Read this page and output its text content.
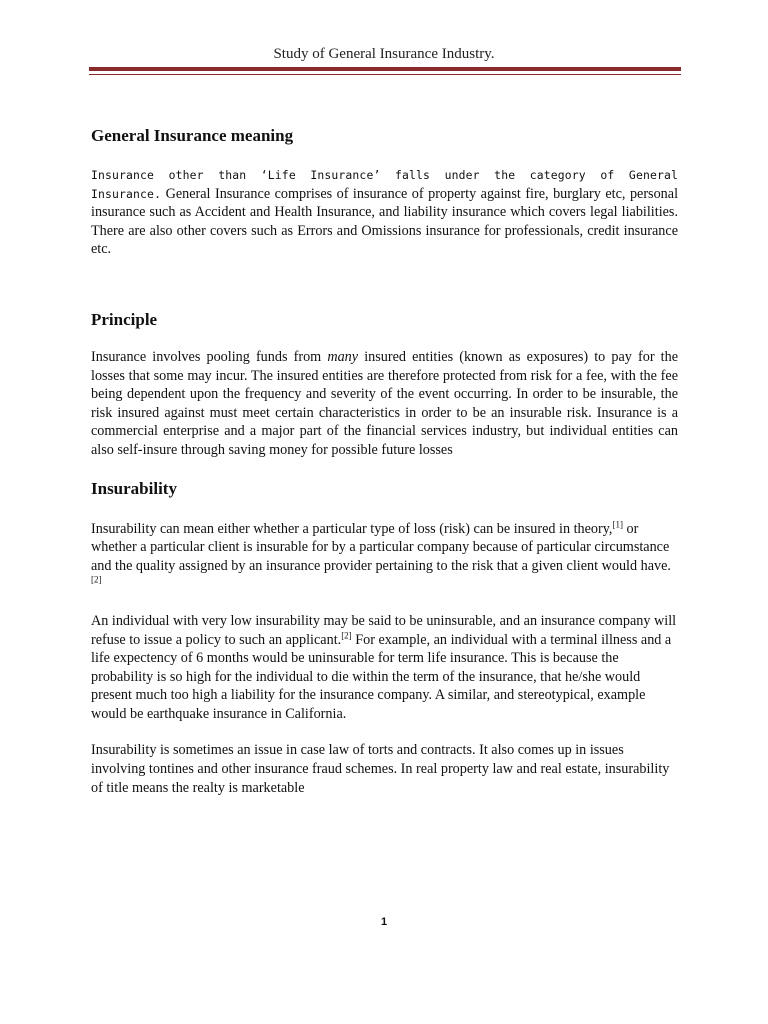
Study of General Insurance Industry.
General Insurance meaning

Insurance other than ‘Life Insurance’ falls under the category of General Insurance. General Insurance comprises of insurance of property against fire, burglary etc, personal insurance such as Accident and Health Insurance, and liability insurance which covers legal liabilities. There are also other covers such as Errors and Omissions insurance for professionals, credit insurance etc.

Principle

Insurance involves pooling funds from many insured entities (known as exposures) to pay for the losses that some may incur. The insured entities are therefore protected from risk for a fee, with the fee being dependent upon the frequency and severity of the event occurring. In order to be insurable, the risk insured against must meet certain characteristics in order to be an insurable risk. Insurance is a commercial enterprise and a major part of the financial services industry, but individual entities can also self-insure through saving money for possible future losses

Insurability

Insurability can mean either whether a particular type of loss (risk) can be insured in theory,[1] or whether a particular client is insurable for by a particular company because of particular circumstance and the quality assigned by an insurance provider pertaining to the risk that a given client would have.[2]

An individual with very low insurability may be said to be uninsurable, and an insurance company will refuse to issue a policy to such an applicant.[2] For example, an individual with a terminal illness and a life expectency of 6 months would be uninsurable for term life insurance. This is because the probability is so high for the individual to die within the term of the insurance, that he/she would present much too high a liability for the insurance company. A similar, and stereotypical, example would be earthquake insurance in California.

Insurability is sometimes an issue in case law of torts and contracts. It also comes up in issues involving tontines and other insurance fraud schemes. In real property law and real estate, insurability of title means the realty is marketable

1
